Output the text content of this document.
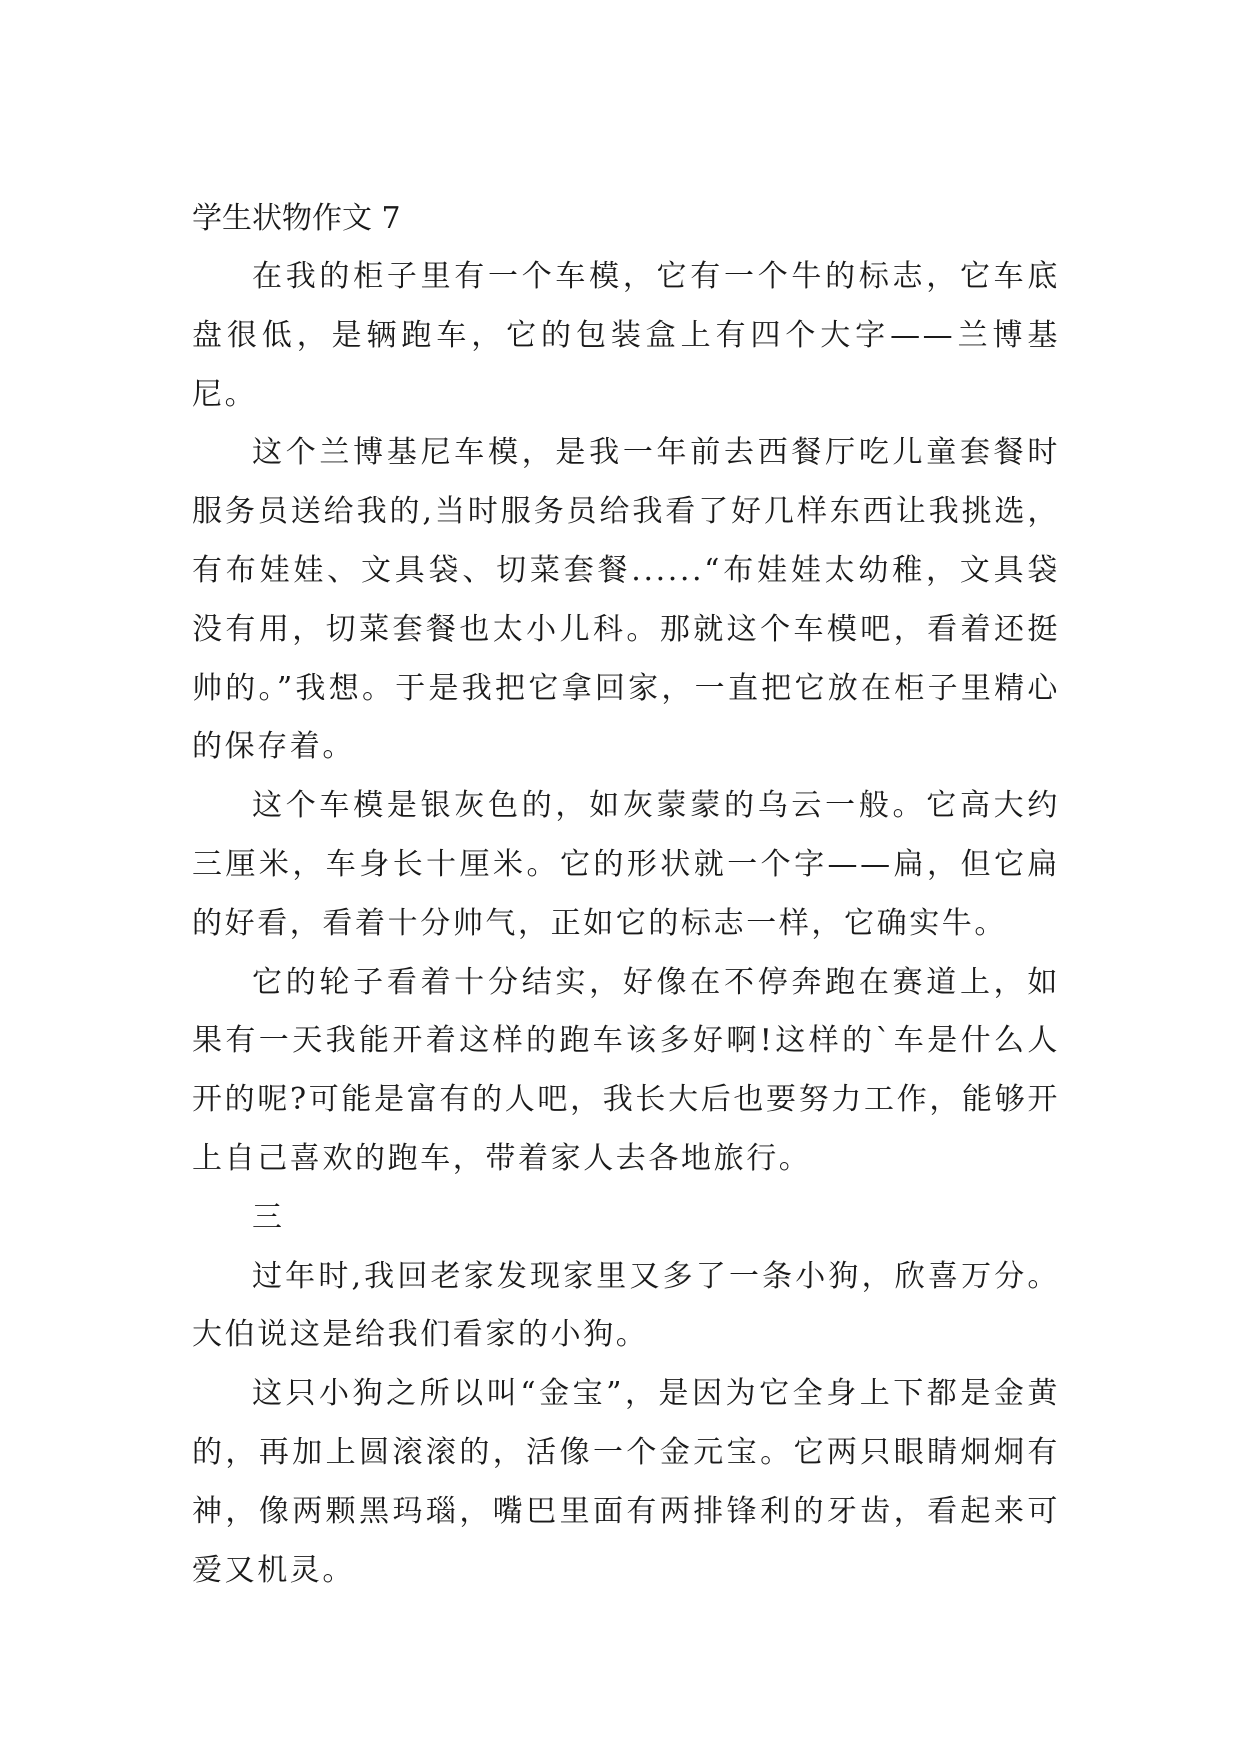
学生状物作文 7

在我的柜子里有一个车模，它有一个牛的标志，它车底盘很低，是辆跑车，它的包装盒上有四个大字——兰博基尼。

这个兰博基尼车模，是我一年前去西餐厅吃儿童套餐时服务员送给我的,当时服务员给我看了好几样东西让我挑选，有布娃娃、文具袋、切菜套餐......“布娃娃太幼稚，文具袋没有用，切菜套餐也太小儿科。那就这个车模吧，看着还挺帅的。”我想。于是我把它拿回家，一直把它放在柜子里精心的保存着。

这个车模是银灰色的，如灰蒙蒙的乌云一般。它高大约三厘米，车身长十厘米。它的形状就一个字——扁，但它扁的好看，看着十分帅气，正如它的标志一样，它确实牛。

它的轮子看着十分结实，好像在不停奔跑在赛道上，如果有一天我能开着这样的跑车该多好啊!这样的`车是什么人开的呢?可能是富有的人吧，我长大后也要努力工作，能够开上自己喜欢的跑车，带着家人去各地旅行。

三

过年时,我回老家发现家里又多了一条小狗，欣喜万分。大伯说这是给我们看家的小狗。

这只小狗之所以叫“金宝”，是因为它全身上下都是金黄的，再加上圆滚滚的，活像一个金元宝。它两只眼睛炯炯有神，像两颗黑玛瑙，嘴巴里面有两排锋利的牙齿，看起来可爱又机灵。
